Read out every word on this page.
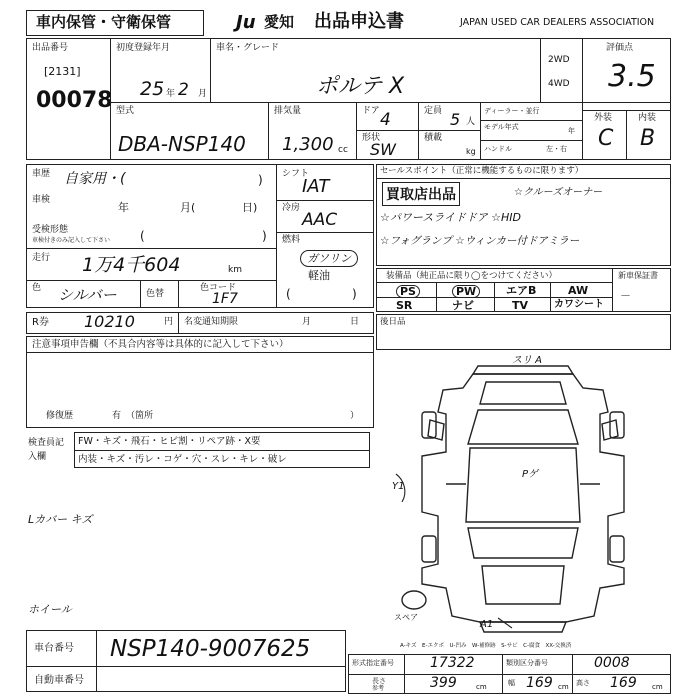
車内保管・守衛保管	Ju 愛知 出品申込書	JAPAN USED CAR DEALERS ASSOCIATION
出品番号
[2131]
00078
初度登録年月
25 年 2 月
車名・グレード
ポルテ X
2WD
4WD
評価点
3.5
型式
DBA-NSP140
排気量
1,300 cc
ドア 4
形状
SW
定員 5 人
積載
kg
ディーラー・並行
モデル年式	年
ハンドル	左・右
外装	内装
C B
車歴 自家用・(	)
車検
年	月(	日)
受検形態
車検付きのみ記入して下さい (	)
走行 1万4千604	km
色 シルバー	色替
色コード
1F7
シフト
IAT
冷房
AAC
燃料
ガソリン
軽油
(	)
R券 10210	円 名変通知期限	月	日
注意事項申告欄（不具合内容等は具体的に記入して下さい）
修復歴	有 （箇所	）
検査員記入欄
FW・キズ・飛石・ヒビ割・リペア跡・X要
内装・キズ・汚レ・コゲ・穴・スレ・キレ・破レ
Lカバー キズ
ホイール
セールスポイント（正常に機能するものに限ります）
買取店出品	☆クルーズオーナー
☆パワースライドドア ☆HID
☆フォグランプ ☆ウィンカー付ドアミラー
装備品（純正品に限り◯をつけてください）	新車保証書
－
PS	PW	エアB	AW
SR	ナビ	TV	カワシート
後日品
スリ A
Y1
Pゲ
A1
スペア
A-キズ　E-エクボ　U-凹み　W-補修跡　S-サビ　C-腐食　XX-交換済
車台番号 NSP140-9007625
自動車番号
形式指定番号	17322	類別区分番号	0008
長さ
参考	399	cm	幅 169 cm 高さ 169 cm
